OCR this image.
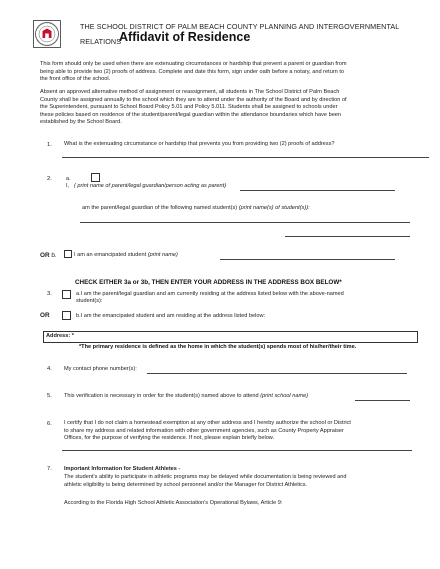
THE SCHOOL DISTRICT OF PALM BEACH COUNTY PLANNING AND INTERGOVERNMENTAL
RELATIONS
Affidavit of Residence
This form should only be used when there are extenuating circumstances or hardship that prevent a parent or guardian from
being able to provide two (2) proofs of address. Complete and date this form, sign under oath before a notary, and return to
the front office of the school.
Absent an approved alternative method of assignment or reassignment, all students in The School District of Palm Beach
County shall be assigned annually to the school which they are to attend under the authority of the Board and by direction of
the Superintendent, pursuant to School Board Policy 5.01 and Policy 5.011. Students shall be assigned to schools under
these policies based on residence of the student/parent/legal guardian within the attendance boundaries which have been
established by the School Board.
1. What is the extenuating circumstance or hardship that prevents you from providing two (2) proofs of address?
2.	a.
I, ( print name of parent/legal guardian/person acting as parent)
am the parent/legal guardian of the following named student(s) (print name(s) of student(s)):
OR b.	I am an emancipated student (print name)
CHECK EITHER 3a or 3b, THEN ENTER YOUR ADDRESS IN THE ADDRESS BOX BELOW*
3.	a.I am the parent/legal guardian and am currently residing at the address listed below with the above-named
student(s):
OR	b.I am the emancipated student and am residing at the address listed below:
Address: *
*The primary residence is defined as the home in which the student(s) spends most of his/her/their time.
4. My contact phone number(s):
5. This verification is necessary in order for the student(s) named above to attend (print school name)
6. I certify that I do not claim a homestead exemption at any other address and I hereby authorize the school or District
to share my address and related information with other government agencies, such as County Property Appraiser
Offices, for the purpose of verifying the residence. If not, please explain briefly below.
7. Important Information for Student Athletes -
The student's ability to participate in athletic programs may be delayed while documentation is being reviewed and
athletic eligibility is being determined by school personnel and/or the Manager for District Athletics.
According to the Florida High School Athletic Association's Operational Bylaws, Article 9:
